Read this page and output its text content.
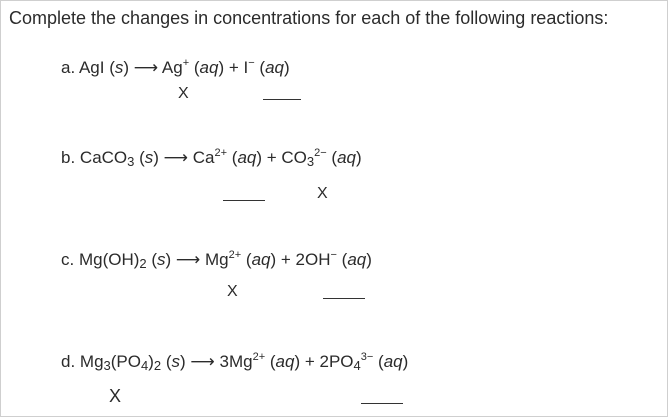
Complete the changes in concentrations for each of the following reactions:
a. AgI (s) ⟶ Ag+ (aq) + I− (aq)
X
b. CaCO$_3$ (s) ⟶ $Ca^{2+}$ $(aq) + CO_3^{2-}$ (aq)
X
c. $Mg(OH)_2$ (s) ⟶ $Mg^{2+}$ (aq) + 2OH− (aq)
X
d. $Mg_3(PO_4)_2$ (s) ⟶ $3Mg^{2+}$ $(aq) + 2PO_4^{3-}$ (aq)
X
